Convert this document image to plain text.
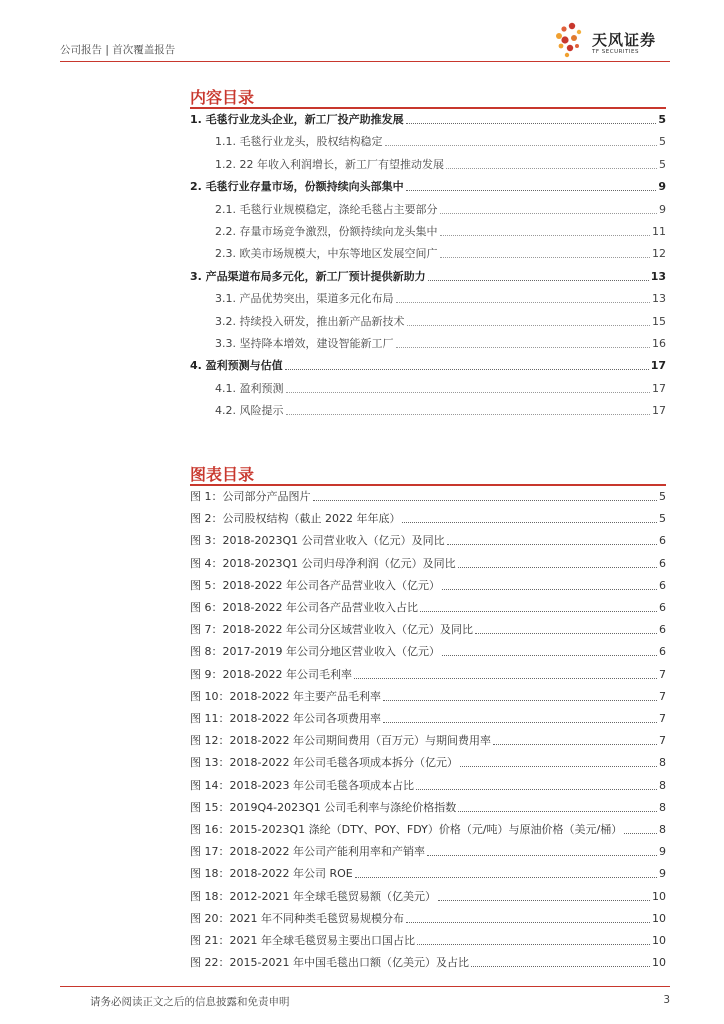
公司报告 | 首次覆盖报告
天风证券
TF SECURITIES
内容目录
1. 毛毯行业龙头企业，新工厂投产助推发展	5
1.1. 毛毯行业龙头，股权结构稳定	5
1.2. 22 年收入利润增长，新工厂有望推动发展	5
2. 毛毯行业存量市场，份额持续向头部集中	9
2.1. 毛毯行业规模稳定，涤纶毛毯占主要部分	9
2.2. 存量市场竞争激烈，份额持续向龙头集中	11
2.3. 欧美市场规模大，中东等地区发展空间广	12
3. 产品渠道布局多元化，新工厂预计提供新助力	13
3.1. 产品优势突出，渠道多元化布局	13
3.2. 持续投入研发，推出新产品新技术	15
3.3. 坚持降本增效，建设智能新工厂	16
4. 盈利预测与估值	17
4.1. 盈利预测	17
4.2. 风险提示	17
图表目录
图 1：公司部分产品图片	5
图 2：公司股权结构（截止 2022 年年底）	5
图 3：2018-2023Q1 公司营业收入（亿元）及同比	6
图 4：2018-2023Q1 公司归母净利润（亿元）及同比	6
图 5：2018-2022 年公司各产品营业收入（亿元）	6
图 6：2018-2022 年公司各产品营业收入占比	6
图 7：2018-2022 年公司分区域营业收入（亿元）及同比	6
图 8：2017-2019 年公司分地区营业收入（亿元）	6
图 9：2018-2022 年公司毛利率	7
图 10：2018-2022 年主要产品毛利率	7
图 11：2018-2022 年公司各项费用率	7
图 12：2018-2022 年公司期间费用（百万元）与期间费用率	7
图 13：2018-2022 年公司毛毯各项成本拆分（亿元）	8
图 14：2018-2023 年公司毛毯各项成本占比	8
图 15：2019Q4-2023Q1 公司毛利率与涤纶价格指数	8
图 16：2015-2023Q1 涤纶（DTY、POY、FDY）价格（元/吨）与原油价格（美元/桶）	8
图 17：2018-2022 年公司产能利用率和产销率	9
图 18：2018-2022 年公司 ROE	9
图 18：2012-2021 年全球毛毯贸易额（亿美元）	10
图 20：2021 年不同种类毛毯贸易规模分布	10
图 21：2021 年全球毛毯贸易主要出口国占比	10
图 22：2015-2021 年中国毛毯出口额（亿美元）及占比	10
请务必阅读正文之后的信息披露和免责申明	3
